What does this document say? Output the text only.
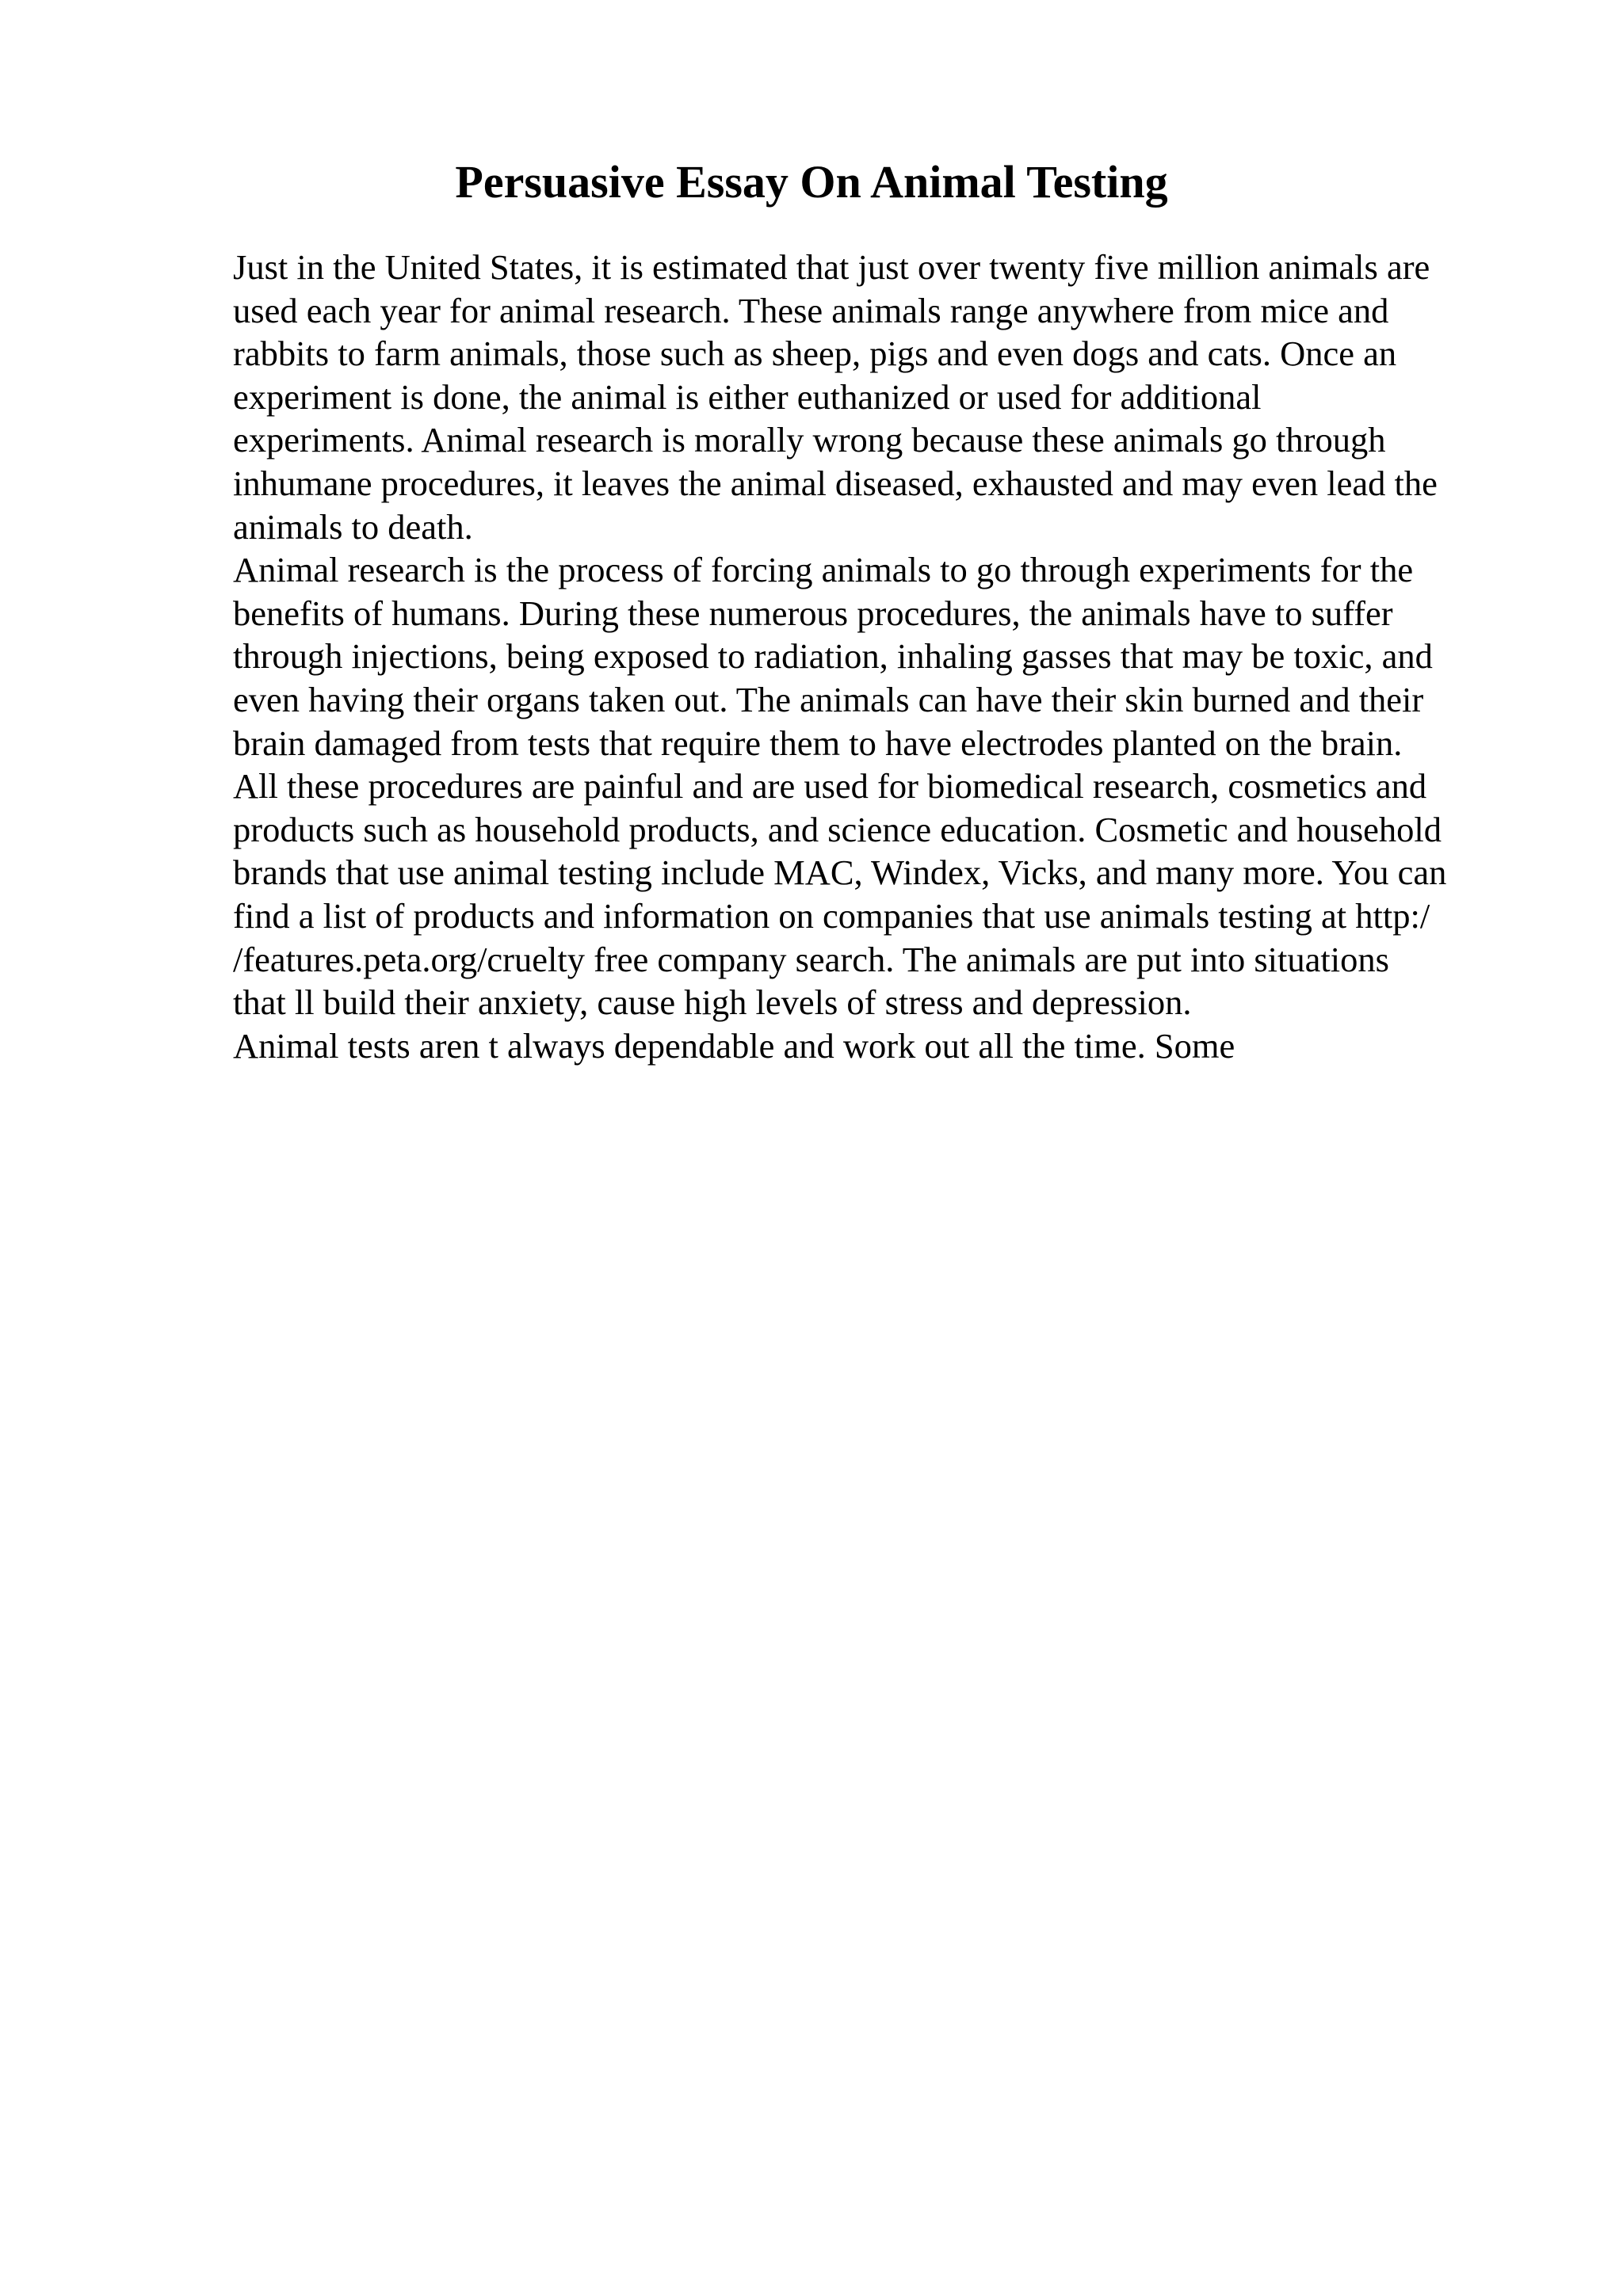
Persuasive Essay On Animal Testing
Just in the United States, it is estimated that just over twenty five million animals are
used each year for animal research. These animals range anywhere from mice and
rabbits to farm animals, those such as sheep, pigs and even dogs and cats. Once an
experiment is done, the animal is either euthanized or used for additional
experiments. Animal research is morally wrong because these animals go through
inhumane procedures, it leaves the animal diseased, exhausted and may even lead the
animals to death.
Animal research is the process of forcing animals to go through experiments for the
benefits of humans. During these numerous procedures, the animals have to suffer
through injections, being exposed to radiation, inhaling gasses that may be toxic, and
even having their organs taken out. The animals can have their skin burned and their
brain damaged from tests that require them to have electrodes planted on the brain.
All these procedures are painful and are used for biomedical research, cosmetics and
products such as household products, and science education. Cosmetic and household
brands that use animal testing include MAC, Windex, Vicks, and many more. You can
find a list of products and information on companies that use animals testing at http:/
/features.peta.org/cruelty free company search. The animals are put into situations
that ll build their anxiety, cause high levels of stress and depression.
Animal tests aren t always dependable and work out all the time. Some
